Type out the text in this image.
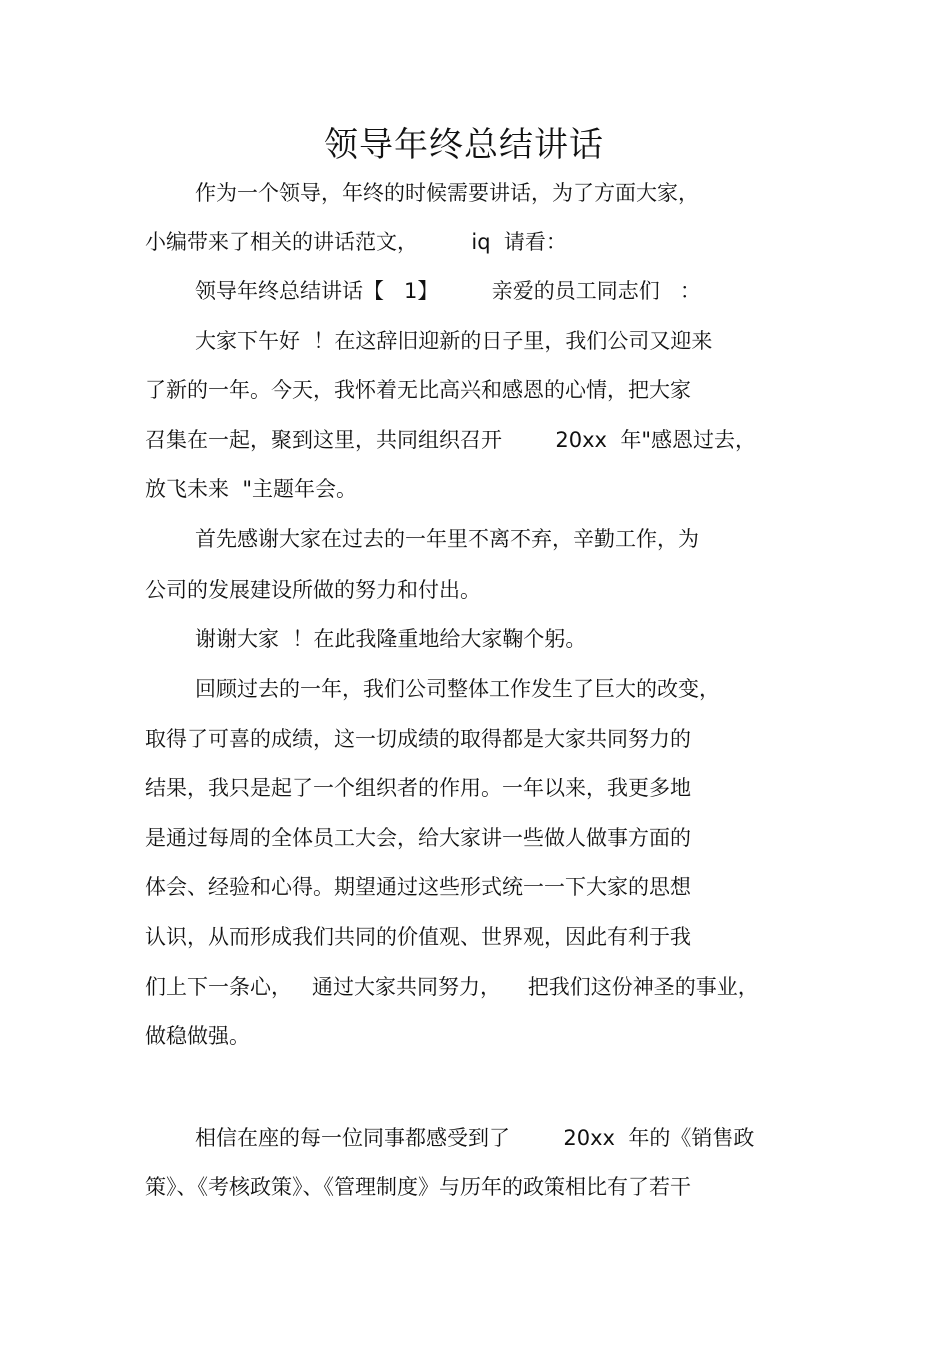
领导年终总结讲话

作为一个领导，年终的时候需要讲话，为了方面大家，

小编带来了相关的讲话范文，        iq  请看：

领导年终总结讲话【   1】        亲爱的员工同志们   ：

大家下午好  ！在这辞旧迎新的日子里，我们公司又迎来

了新的一年。今天，我怀着无比高兴和感恩的心情，把大家

召集在一起，聚到这里，共同组织召开        20xx  年"感恩过去，

放飞未来  "主题年会。

首先感谢大家在过去的一年里不离不弃，辛勤工作，为

公司的发展建设所做的努力和付出。

谢谢大家  ！在此我隆重地给大家鞠个躬。

回顾过去的一年，我们公司整体工作发生了巨大的改变，

取得了可喜的成绩，这一切成绩的取得都是大家共同努力的

结果，我只是起了一个组织者的作用。一年以来，我更多地

是通过每周的全体员工大会，给大家讲一些做人做事方面的

体会、经验和心得。期望通过这些形式统一一下大家的思想

认识，从而形成我们共同的价值观、世界观，因此有利于我

们上下一条心，   通过大家共同努力，    把我们这份神圣的事业，

做稳做强。

相信在座的每一位同事都感受到了        20xx  年的《销售政

策》、《考核政策》、《管理制度》与历年的政策相比有了若干
